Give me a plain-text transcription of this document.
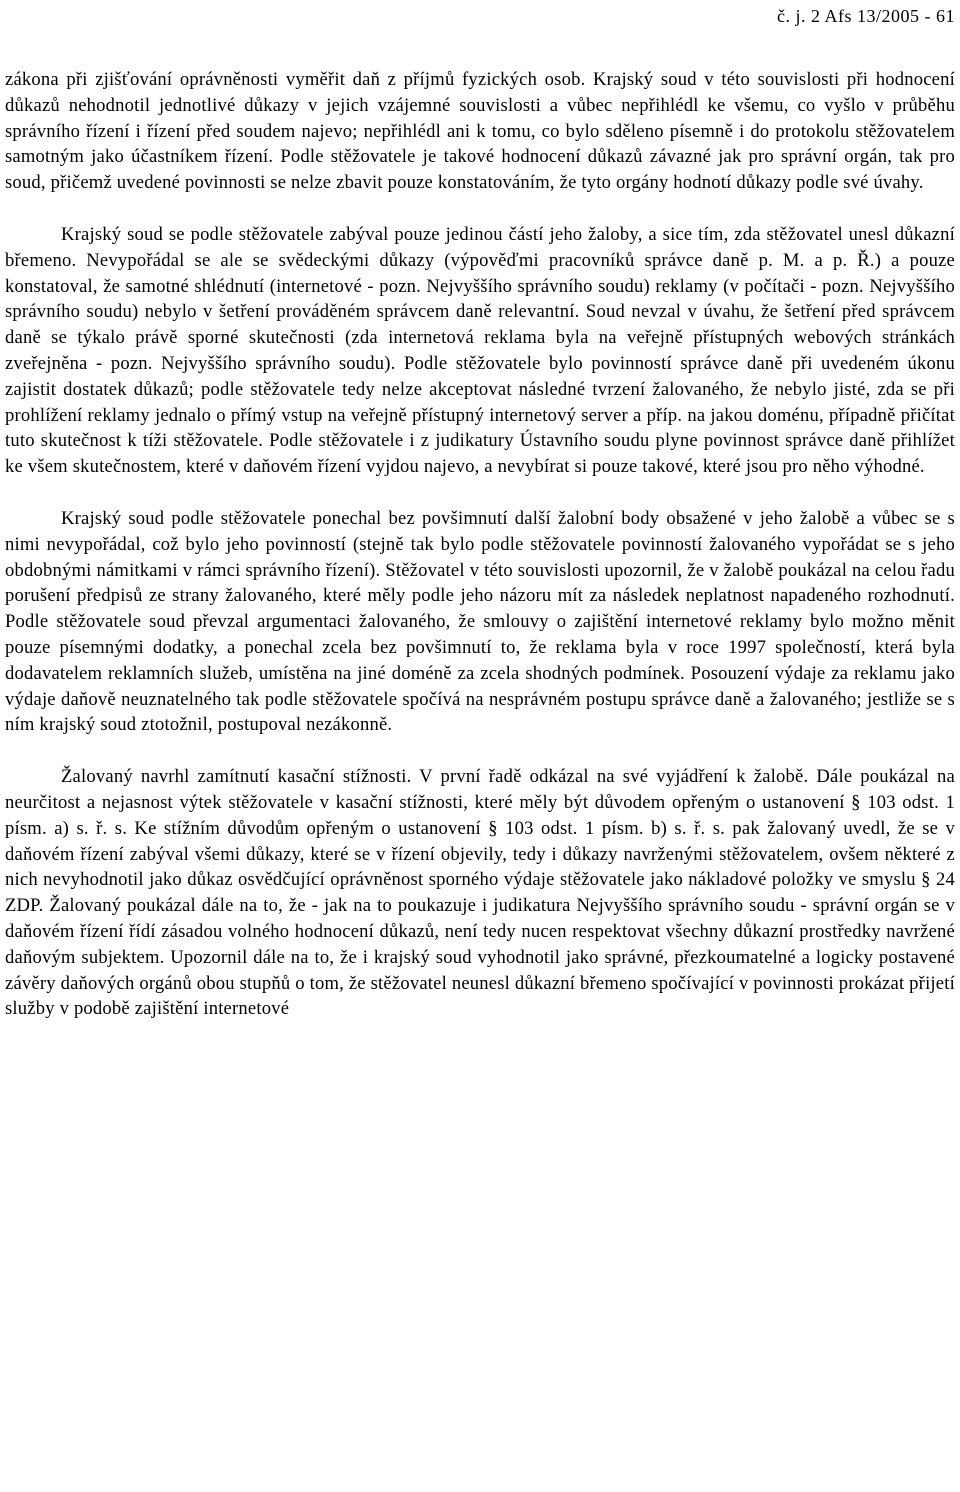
č. j. 2 Afs 13/2005 - 61

zákona při zjišťování oprávněnosti vyměřit daň z příjmů fyzických osob. Krajský soud v této souvislosti při hodnocení důkazů nehodnotil jednotlivé důkazy v jejich vzájemné souvislosti a vůbec nepřihlédl ke všemu, co vyšlo v průběhu správního řízení i řízení před soudem najevo; nepřihlédl ani k tomu, co bylo sděleno písemně i do protokolu stěžovatelem samotným jako účastníkem řízení. Podle stěžovatele je takové hodnocení důkazů závazné jak pro správní orgán, tak pro soud, přičemž uvedené povinnosti se nelze zbavit pouze konstatováním, že tyto orgány hodnotí důkazy podle své úvahy.

Krajský soud se podle stěžovatele zabýval pouze jedinou částí jeho žaloby, a sice tím, zda stěžovatel unesl důkazní břemeno. Nevypořádal se ale se svědeckými důkazy (výpověďmi pracovníků správce daně p. M. a p. Ř.) a pouze konstatoval, že samotné shlédnutí (internetové - pozn. Nejvyššího správního soudu) reklamy (v počítači - pozn. Nejvyššího správního soudu) nebylo v šetření prováděném správcem daně relevantní. Soud nevzal v úvahu, že šetření před správcem daně se týkalo právě sporné skutečnosti (zda internetová reklama byla na veřejně přístupných webových stránkách zveřejněna - pozn. Nejvyššího správního soudu). Podle stěžovatele bylo povinností správce daně při uvedeném úkonu zajistit dostatek důkazů; podle stěžovatele tedy nelze akceptovat následné tvrzení žalovaného, že nebylo jisté, zda se při prohlížení reklamy jednalo o přímý vstup na veřejně přístupný internetový server a příp. na jakou doménu, případně přičítat tuto skutečnost k tíži stěžovatele. Podle stěžovatele i z judikatury Ústavního soudu plyne povinnost správce daně přihlížet ke všem skutečnostem, které v daňovém řízení vyjdou najevo, a nevybírat si pouze takové, které jsou pro něho výhodné.

Krajský soud podle stěžovatele ponechal bez povšimnutí další žalobní body obsažené v jeho žalobě a vůbec se s nimi nevypořádal, což bylo jeho povinností (stejně tak bylo podle stěžovatele povinností žalovaného vypořádat se s jeho obdobnými námitkami v rámci správního řízení). Stěžovatel v této souvislosti upozornil, že v žalobě poukázal na celou řadu porušení předpisů ze strany žalovaného, které měly podle jeho názoru mít za následek neplatnost napadeného rozhodnutí. Podle stěžovatele soud převzal argumentaci žalovaného, že smlouvy o zajištění internetové reklamy bylo možno měnit pouze písemnými dodatky, a ponechal zcela bez povšimnutí to, že reklama byla v roce 1997 společností, která byla dodavatelem reklamních služeb, umístěna na jiné doméně za zcela shodných podmínek. Posouzení výdaje za reklamu jako výdaje daňově neuznatelného tak podle stěžovatele spočívá na nesprávném postupu správce daně a žalovaného; jestliže se s ním krajský soud ztotožnil, postupoval nezákonně.

Žalovaný navrhl zamítnutí kasační stížnosti. V první řadě odkázal na své vyjádření k žalobě. Dále poukázal na neurčitost a nejasnost výtek stěžovatele v kasační stížnosti, které měly být důvodem opřeným o ustanovení § 103 odst. 1 písm. a) s. ř. s. Ke stížním důvodům opřeným o ustanovení § 103 odst. 1 písm. b) s. ř. s. pak žalovaný uvedl, že se v daňovém řízení zabýval všemi důkazy, které se v řízení objevily, tedy i důkazy navrženými stěžovatelem, ovšem některé z nich nevyhodnotil jako důkaz osvědčující oprávněnost sporného výdaje stěžovatele jako nákladové položky ve smyslu § 24 ZDP. Žalovaný poukázal dále na to, že - jak na to poukazuje i judikatura Nejvyššího správního soudu - správní orgán se v daňovém řízení řídí zásadou volného hodnocení důkazů, není tedy nucen respektovat všechny důkazní prostředky navržené daňovým subjektem. Upozornil dále na to, že i krajský soud vyhodnotil jako správné, přezkoumatelné a logicky postavené závěry daňových orgánů obou stupňů o tom, že stěžovatel neunesl důkazní břemeno spočívající v povinnosti prokázat přijetí služby v podobě zajištění internetové
